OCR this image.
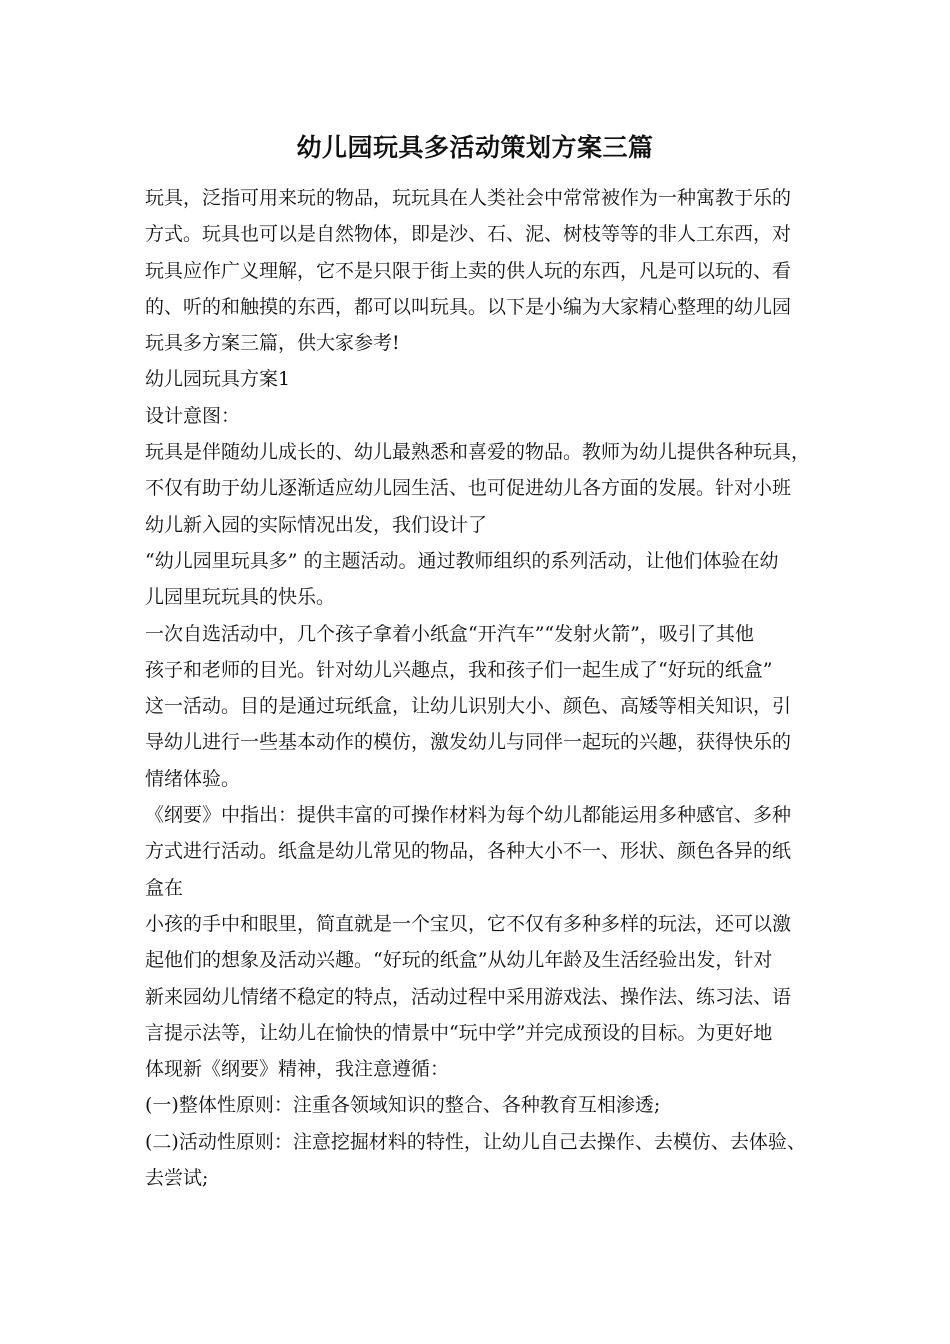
幼儿园玩具多活动策划方案三篇
玩具，泛指可用来玩的物品，玩玩具在人类社会中常常被作为一种寓教于乐的
方式。玩具也可以是自然物体，即是沙、石、泥、树枝等等的非人工东西，对
玩具应作广义理解，它不是只限于街上卖的供人玩的东西，凡是可以玩的、看
的、听的和触摸的东西，都可以叫玩具。以下是小编为大家精心整理的幼儿园
玩具多方案三篇，供大家参考!
幼儿园玩具方案1
设计意图：
玩具是伴随幼儿成长的、幼儿最熟悉和喜爱的物品。教师为幼儿提供各种玩具，
不仅有助于幼儿逐渐适应幼儿园生活、也可促进幼儿各方面的发展。针对小班
幼儿新入园的实际情况出发，我们设计了
“幼儿园里玩具多” 的主题活动。通过教师组织的系列活动，让他们体验在幼
儿园里玩玩具的快乐。
一次自选活动中，几个孩子拿着小纸盒“开汽车”“发射火箭”，吸引了其他
孩子和老师的目光。针对幼儿兴趣点，我和孩子们一起生成了“好玩的纸盒”
这一活动。目的是通过玩纸盒，让幼儿识别大小、颜色、高矮等相关知识，引
导幼儿进行一些基本动作的模仿，激发幼儿与同伴一起玩的兴趣，获得快乐的
情绪体验。
《纲要》中指出：提供丰富的可操作材料为每个幼儿都能运用多种感官、多种
方式进行活动。纸盒是幼儿常见的物品，各种大小不一、形状、颜色各异的纸
盒在
小孩的手中和眼里，简直就是一个宝贝，它不仅有多种多样的玩法，还可以激
起他们的想象及活动兴趣。“好玩的纸盒”从幼儿年龄及生活经验出发，针对
新来园幼儿情绪不稳定的特点，活动过程中采用游戏法、操作法、练习法、语
言提示法等，让幼儿在愉快的情景中“玩中学”并完成预设的目标。为更好地
体现新《纲要》精神，我注意遵循：
(一)整体性原则：注重各领域知识的整合、各种教育互相渗透;
(二)活动性原则：注意挖掘材料的特性，让幼儿自己去操作、去模仿、去体验、
去尝试;
